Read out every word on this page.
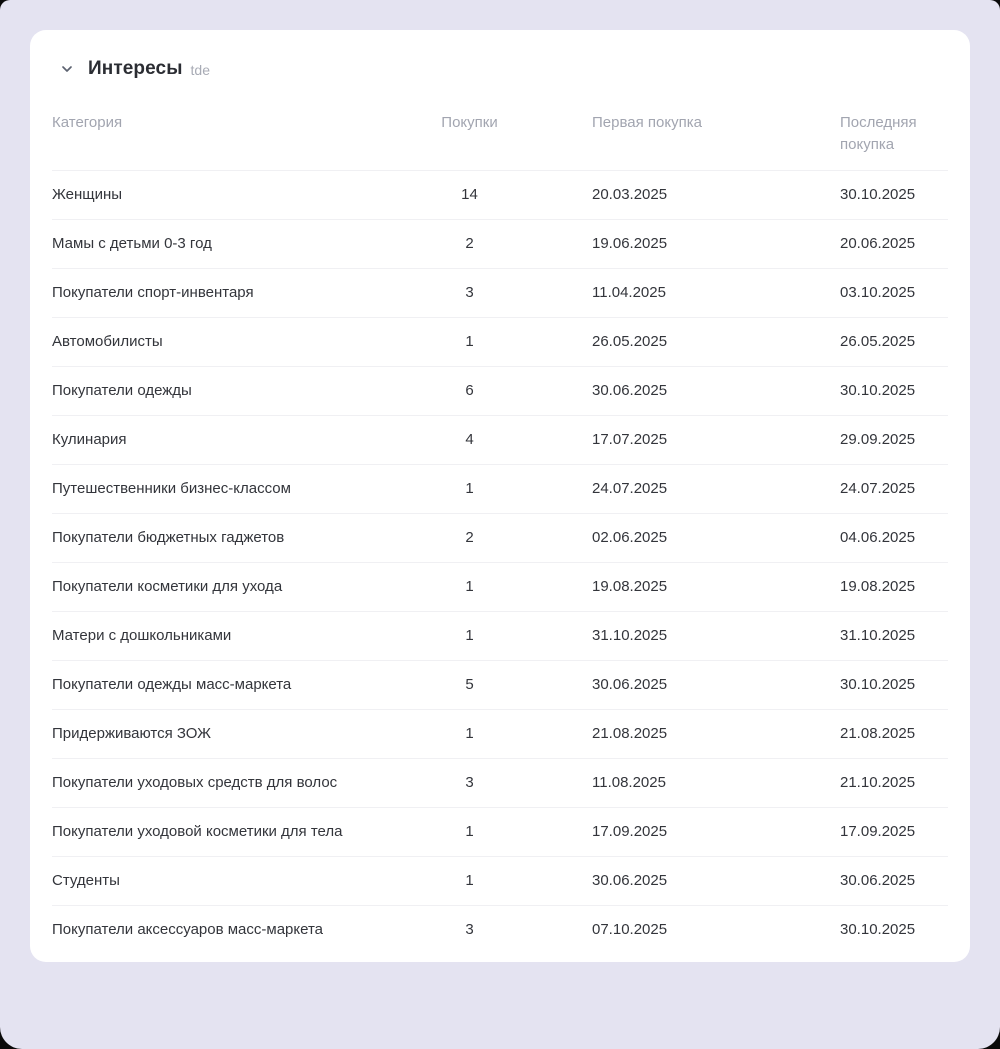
Интересы tde
Категория	Покупки	Первая покупка	Последняя покупка
Женщины	14	20.03.2025	30.10.2025
Мамы с детьми 0-3 год	2	19.06.2025	20.06.2025
Покупатели спорт-инвентаря	3	11.04.2025	03.10.2025
Автомобилисты	1	26.05.2025	26.05.2025
Покупатели одежды	6	30.06.2025	30.10.2025
Кулинария	4	17.07.2025	29.09.2025
Путешественники бизнес-классом	1	24.07.2025	24.07.2025
Покупатели бюджетных гаджетов	2	02.06.2025	04.06.2025
Покупатели косметики для ухода	1	19.08.2025	19.08.2025
Матери с дошкольниками	1	31.10.2025	31.10.2025
Покупатели одежды масс-маркета	5	30.06.2025	30.10.2025
Придерживаются ЗОЖ	1	21.08.2025	21.08.2025
Покупатели уходовых средств для волос	3	11.08.2025	21.10.2025
Покупатели уходовой косметики для тела	1	17.09.2025	17.09.2025
Студенты	1	30.06.2025	30.06.2025
Покупатели аксессуаров масс-маркета	3	07.10.2025	30.10.2025
